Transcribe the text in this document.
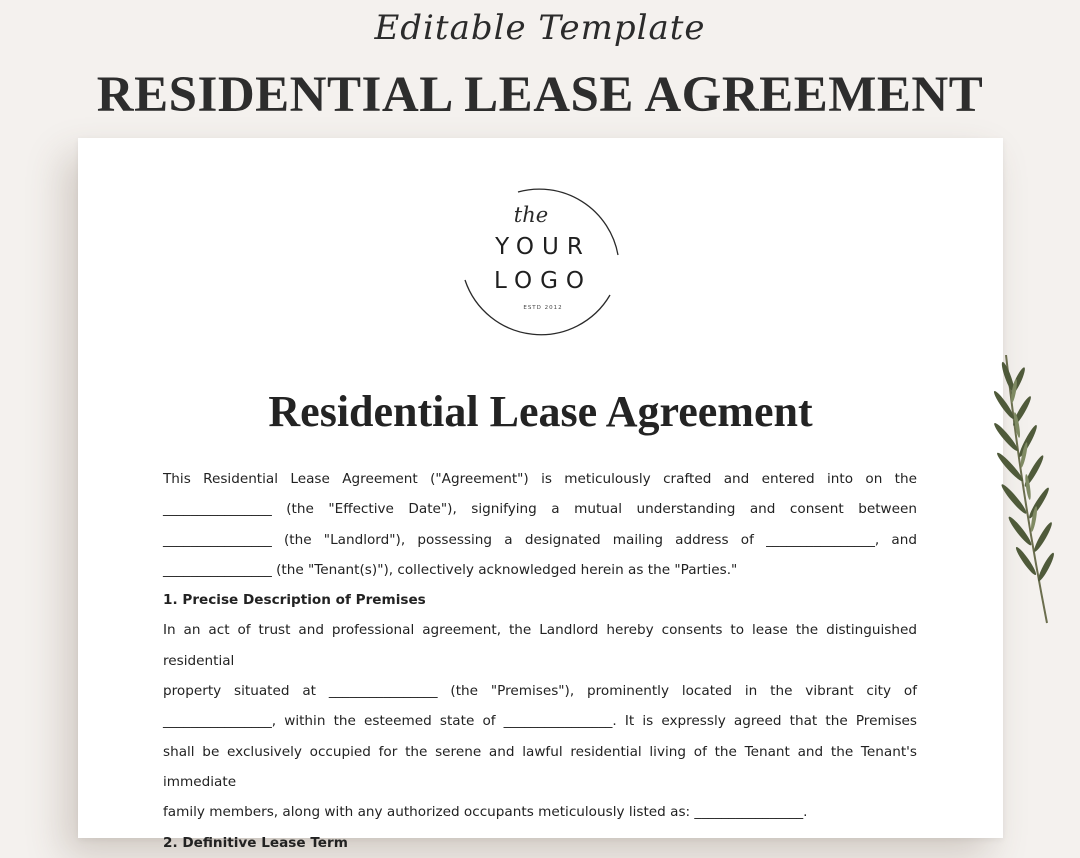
Editable Template
RESIDENTIAL LEASE AGREEMENT
the
YOUR
LOGO
ESTD 2012
Residential Lease Agreement

This Residential Lease Agreement ("Agreement") is meticulously crafted and entered into on the

________________ (the "Effective Date"), signifying a mutual understanding and consent between

________________ (the "Landlord"), possessing a designated mailing address of ________________, and

________________ (the "Tenant(s)"), collectively acknowledged herein as the "Parties."

1. Precise Description of Premises

In an act of trust and professional agreement, the Landlord hereby consents to lease the distinguished residential

property situated at ________________ (the "Premises"), prominently located in the vibrant city of

________________, within the esteemed state of ________________. It is expressly agreed that the Premises

shall be exclusively occupied for the serene and lawful residential living of the Tenant and the Tenant's immediate

family members, along with any authorized occupants meticulously listed as: ________________.

2. Definitive Lease Term
